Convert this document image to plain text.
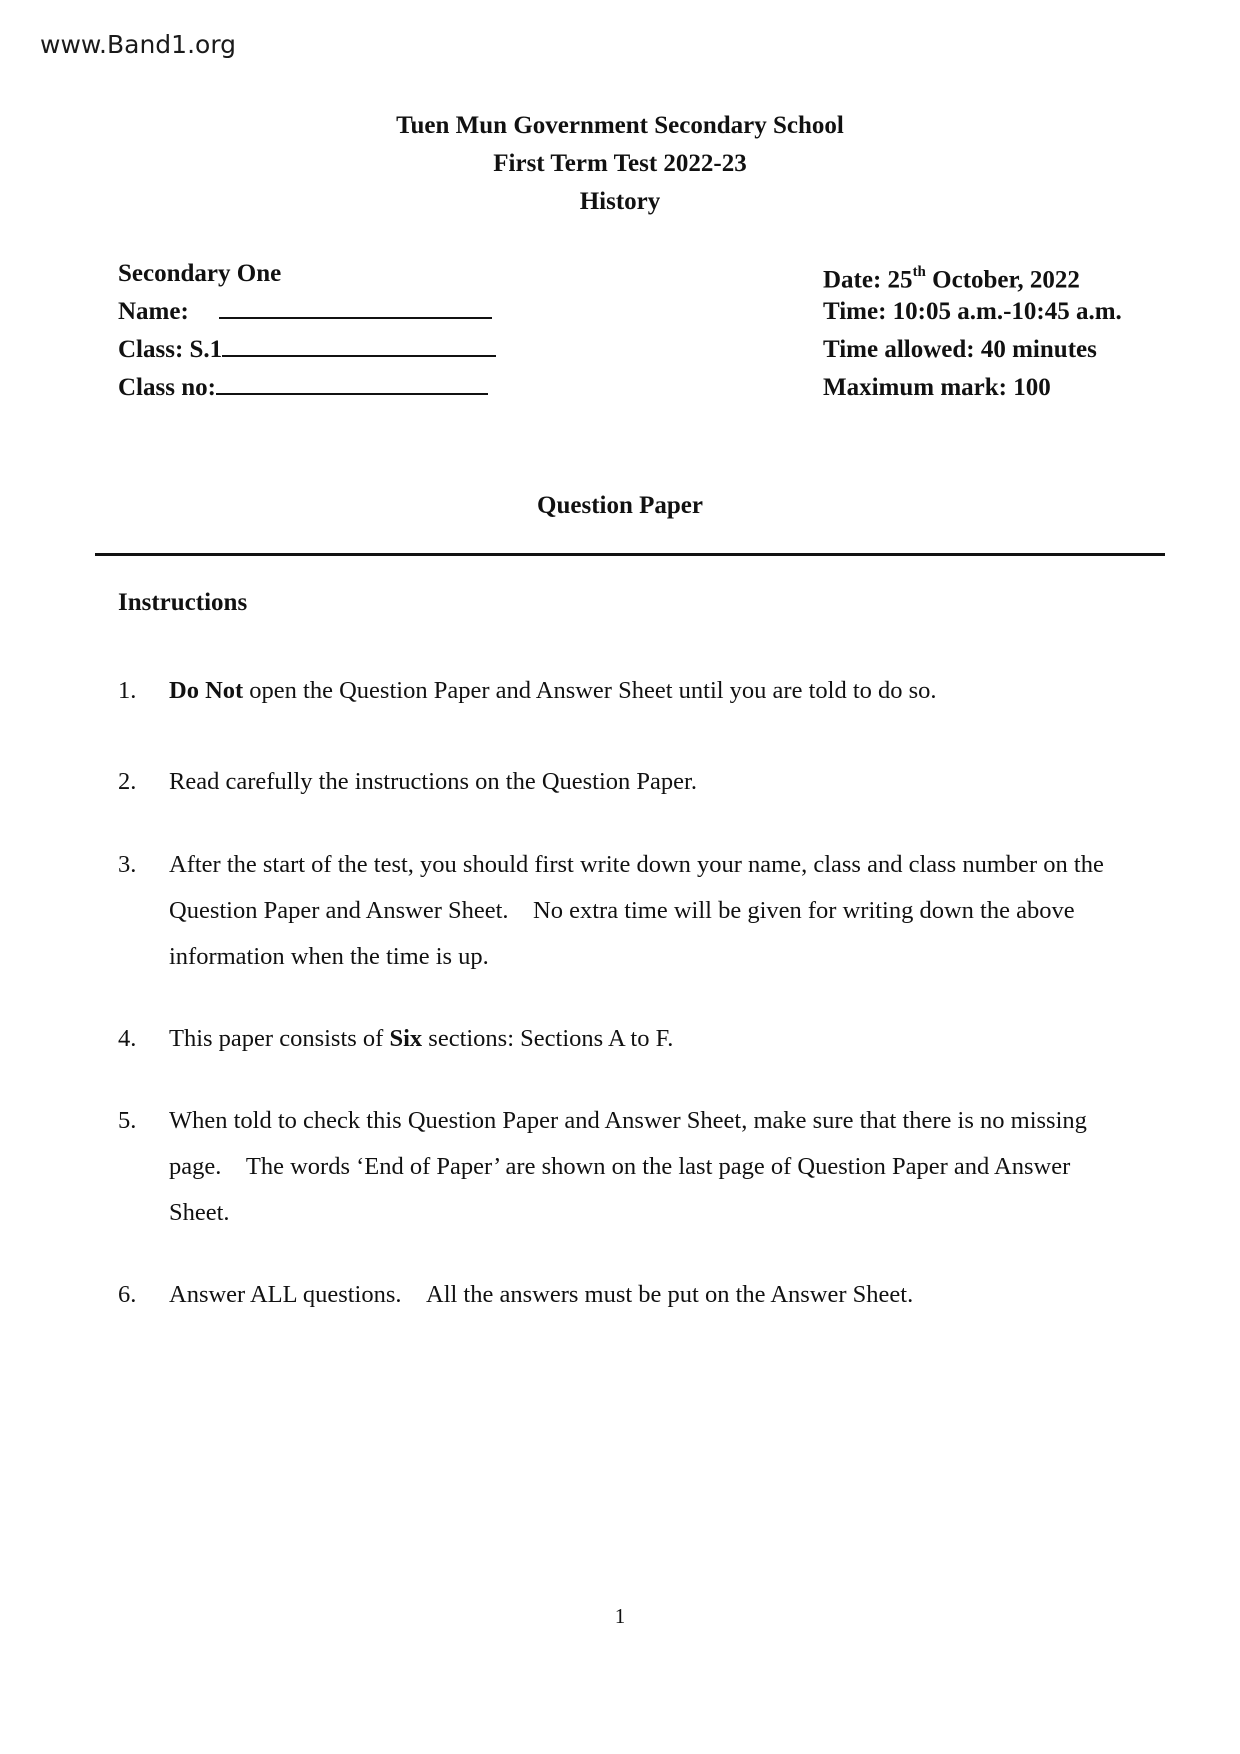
www.Band1.org
Tuen Mun Government Secondary School
First Term Test 2022-23
History
Secondary One
Name:
Class: S.1
Class no:
Date: 25th October, 2022
Time: 10:05 a.m.-10:45 a.m.
Time allowed: 40 minutes
Maximum mark: 100
Question Paper
Instructions
1. Do Not open the Question Paper and Answer Sheet until you are told to do so.
2. Read carefully the instructions on the Question Paper.
3. After the start of the test, you should first write down your name, class and class number on the
Question Paper and Answer Sheet.    No extra time will be given for writing down the above
information when the time is up.
4. This paper consists of Six sections: Sections A to F.
5. When told to check this Question Paper and Answer Sheet, make sure that there is no missing
page.    The words ‘End of Paper’ are shown on the last page of Question Paper and Answer
Sheet.
6. Answer ALL questions.    All the answers must be put on the Answer Sheet.
1
